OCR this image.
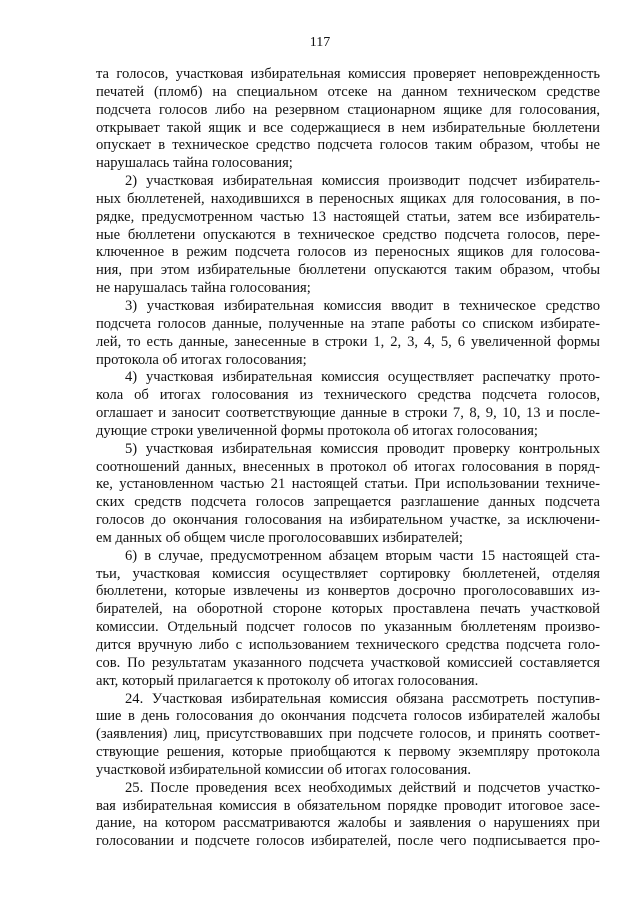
117
та голосов, участковая избирательная комиссия проверяет неповрежденность
печатей (пломб) на специальном отсеке на данном техническом средстве
подсчета голосов либо на резервном стационарном ящике для голосования,
открывает такой ящик и все содержащиеся в нем избирательные бюллетени
опускает в техническое средство подсчета голосов таким образом, чтобы не
нарушалась тайна голосования;
2) участковая избирательная комиссия производит подсчет избиратель-
ных бюллетеней, находившихся в переносных ящиках для голосования, в по-
рядке, предусмотренном частью 13 настоящей статьи, затем все избиратель-
ные бюллетени опускаются в техническое средство подсчета голосов, пере-
ключенное в режим подсчета голосов из переносных ящиков для голосова-
ния, при этом избирательные бюллетени опускаются таким образом, чтобы
не нарушалась тайна голосования;
3) участковая избирательная комиссия вводит в техническое средство
подсчета голосов данные, полученные на этапе работы со списком избирате-
лей, то есть данные, занесенные в строки 1, 2, 3, 4, 5, 6 увеличенной формы
протокола об итогах голосования;
4) участковая избирательная комиссия осуществляет распечатку прото-
кола об итогах голосования из технического средства подсчета голосов,
оглашает и заносит соответствующие данные в строки 7, 8, 9, 10, 13 и после-
дующие строки увеличенной формы протокола об итогах голосования;
5) участковая избирательная комиссия проводит проверку контрольных
соотношений данных, внесенных в протокол об итогах голосования в поряд-
ке, установленном частью 21 настоящей статьи. При использовании техниче-
ских средств подсчета голосов запрещается разглашение данных подсчета
голосов до окончания голосования на избирательном участке, за исключени-
ем данных об общем числе проголосовавших избирателей;
6) в случае, предусмотренном абзацем вторым части 15 настоящей ста-
тьи, участковая комиссия осуществляет сортировку бюллетеней, отделяя
бюллетени, которые извлечены из конвертов досрочно проголосовавших из-
бирателей, на оборотной стороне которых проставлена печать участковой
комиссии. Отдельный подсчет голосов по указанным бюллетеням произво-
дится вручную либо с использованием технического средства подсчета голо-
сов. По результатам указанного подсчета участковой комиссией составляется
акт, который прилагается к протоколу об итогах голосования.
24. Участковая избирательная комиссия обязана рассмотреть поступив-
шие в день голосования до окончания подсчета голосов избирателей жалобы
(заявления) лиц, присутствовавших при подсчете голосов, и принять соответ-
ствующие решения, которые приобщаются к первому экземпляру протокола
участковой избирательной комиссии об итогах голосования.
25. После проведения всех необходимых действий и подсчетов участко-
вая избирательная комиссия в обязательном порядке проводит итоговое засе-
дание, на котором рассматриваются жалобы и заявления о нарушениях при
голосовании и подсчете голосов избирателей, после чего подписывается про-
